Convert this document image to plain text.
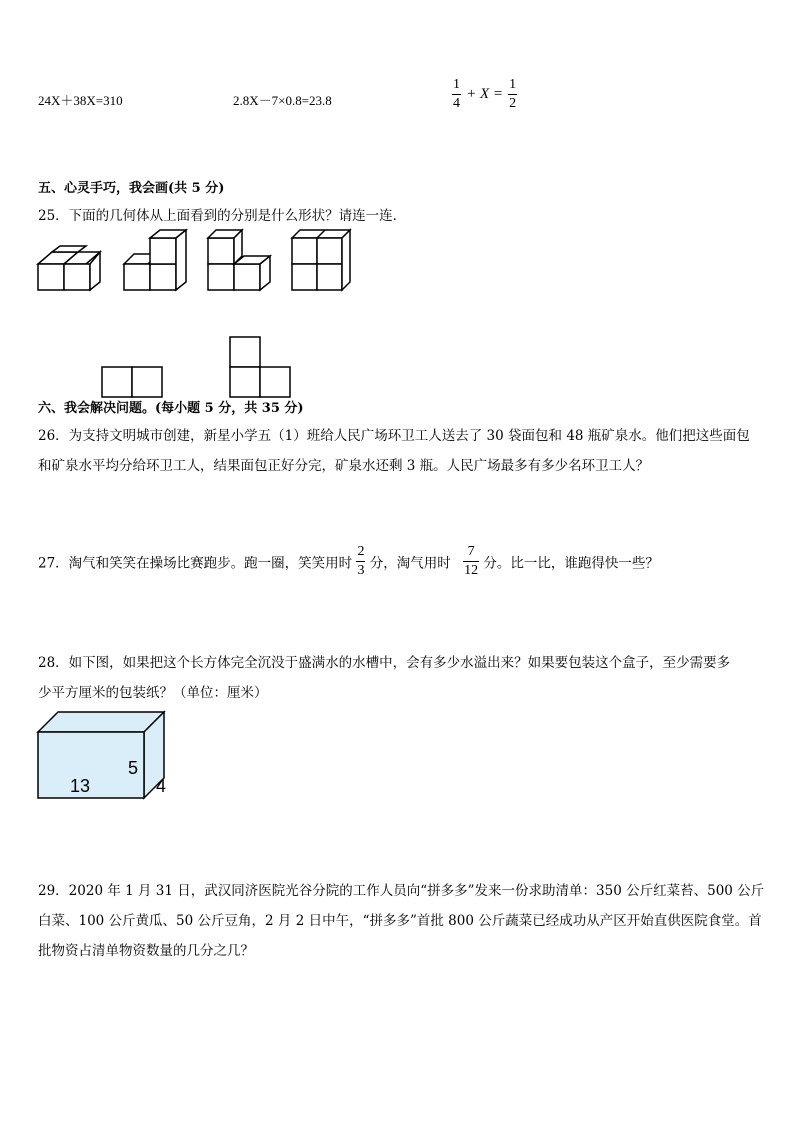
24X＋38X=310	2.8X－7×0.8=23.8	$\frac{1}{4} + X = \frac{1}{2}$
五、心灵手巧，我会画(共 5 分)
25．下面的几何体从上面看到的分别是什么形状？请连一连．
六、我会解决问题。(每小题 5 分，共 35 分)
26．为支持文明城市创建，新星小学五（1）班给人民广场环卫工人送去了 30 袋面包和 48 瓶矿泉水。他们把这些面包
和矿泉水平均分给环卫工人，结果面包正好分完，矿泉水还剩 3 瓶。人民广场最多有多少名环卫工人？
27．淘气和笑笑在操场比赛跑步。跑一圈，笑笑用时 $\frac{2}{3}$ 分，淘气用时 $\frac{7}{12}$ 分。比一比，谁跑得快一些？
28．如下图，如果把这个长方体完全沉没于盛满水的水槽中，会有多少水溢出来？如果要包装这个盒子，至少需要多
少平方厘米的包装纸？（单位：厘米）
13
5
4
29．2020 年 1 月 31 日，武汉同济医院光谷分院的工作人员向“拼多多”发来一份求助清单：350 公斤红菜苔、500 公斤
白菜、100 公斤黄瓜、50 公斤豆角，2 月 2 日中午，“拼多多”首批 800 公斤蔬菜已经成功从产区开始直供医院食堂。首
批物资占清单物资数量的几分之几？
